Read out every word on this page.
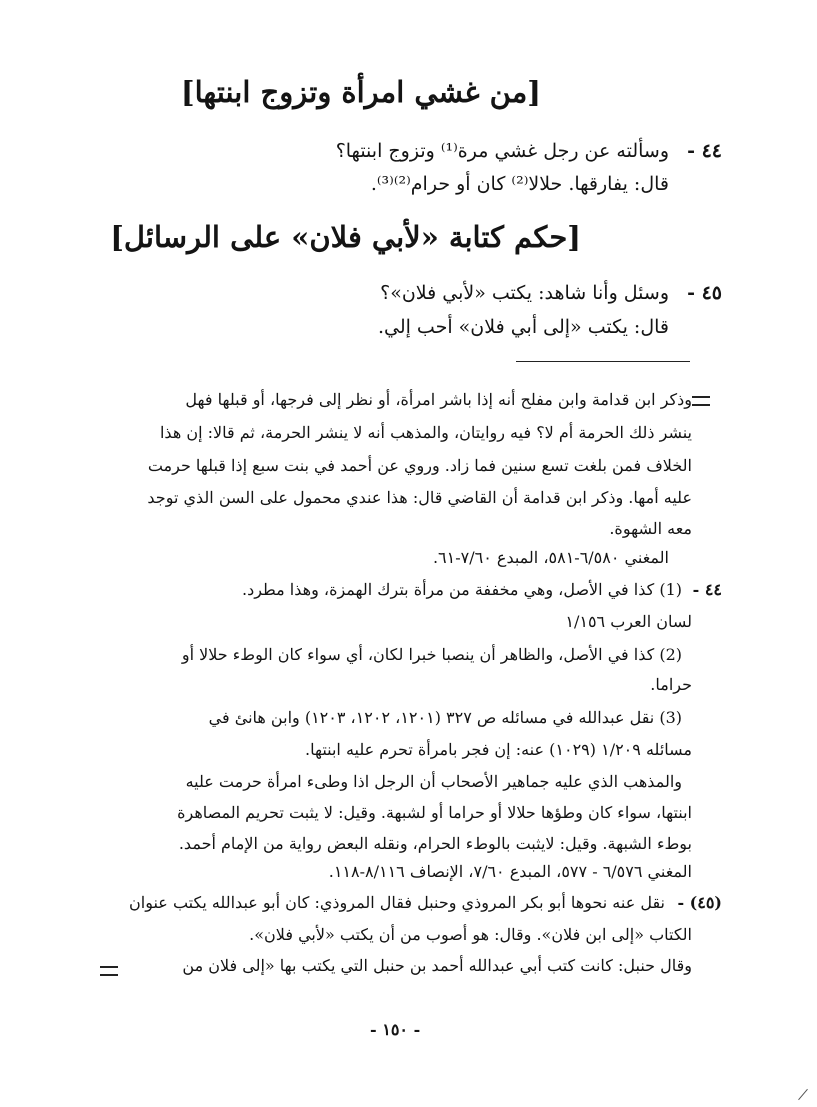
[من غشي امرأة وتزوج ابنتها]
٤٤ -
وسألته عن رجل غشي مرة⁽¹⁾ وتزوج ابنتها؟
قال: يفارقها. حلالا⁽²⁾ كان أو حرام⁽²⁾⁽³⁾.
[حكم كتابة «لأبي فلان» على الرسائل]
٤٥ -
وسئل وأنا شاهد: يكتب «لأبي فلان»؟
قال: يكتب «إلى أبي فلان» أحب إلي.
وذكر ابن قدامة وابن مفلح أنه إذا باشر امرأة، أو نظر إلى فرجها، أو قبلها فهل
ينشر ذلك الحرمة أم لا؟ فيه روايتان، والمذهب أنه لا ينشر الحرمة، ثم قالا: إن هذا
الخلاف فمن بلغت تسع سنين فما زاد. وروي عن أحمد في بنت سبع إذا قبلها حرمت
عليه أمها. وذكر ابن قدامة أن القاضي قال: هذا عندي محمول على السن الذي توجد
معه الشهوة.
المغني ٦/٥٨٠-٥٨١، المبدع ٧/٦٠-٦١.
٤٤ -
(1) كذا في الأصل، وهي مخففة من مرأة بترك الهمزة، وهذا مطرد.
لسان العرب ١/١٥٦
(2) كذا في الأصل، والظاهر أن ينصبا خبرا لكان، أي سواء كان الوطء حلالا أو
حراما.
(3) نقل عبدالله في مسائله ص ٣٢٧ (١٢٠١، ١٢٠٢، ١٢٠٣) وابن هانئ في
مسائله ١/٢٠٩ (١٠٢٩) عنه: إن فجر بامرأة تحرم عليه ابنتها.
والمذهب الذي عليه جماهير الأصحاب أن الرجل اذا وطىء امرأة حرمت عليه
ابنتها، سواء كان وطؤها حلالا أو حراما أو لشبهة. وقيل: لا يثبت تحريم المصاهرة
بوطء الشبهة. وقيل: لايثبت بالوطء الحرام، ونقله البعض رواية من الإمام أحمد.
المغني ٦/٥٧٦ - ٥٧٧، المبدع ٧/٦٠، الإنصاف ٨/١١٦-١١٨.
(٤٥) -
نقل عنه نحوها أبو بكر المروذي وحنبل فقال المروذي: كان أبو عبدالله يكتب عنوان
الكتاب «إلى ابن فلان». وقال: هو أصوب من أن يكتب «لأبي فلان».
وقال حنبل: كانت كتب أبي عبدالله أحمد بن حنبل التي يكتب بها «إلى فلان من
- ١٥٠ -
